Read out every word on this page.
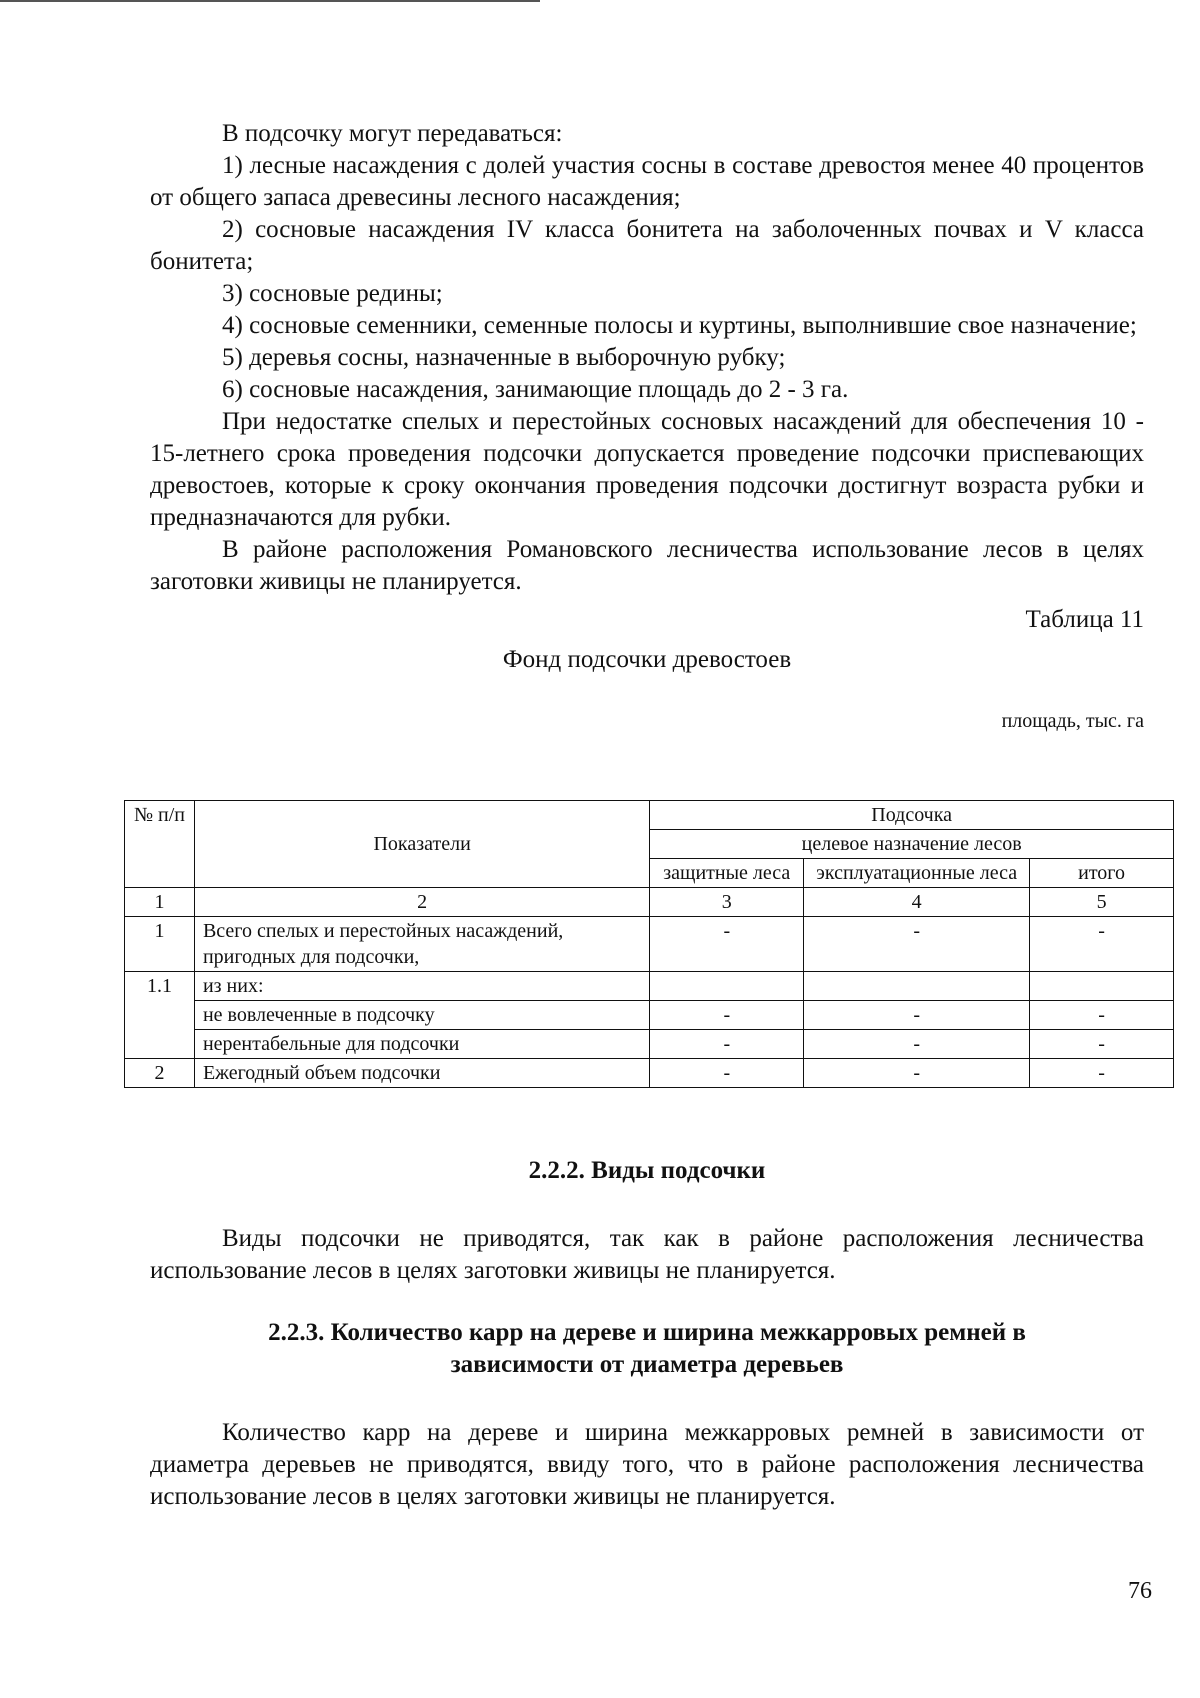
В подсочку могут передаваться:

1) лесные насаждения с долей участия сосны в составе древостоя менее 40 процентов от общего запаса древесины лесного насаждения;

2) сосновые насаждения IV класса бонитета на заболоченных почвах и V класса бонитета;

3) сосновые редины;

4) сосновые семенники, семенные полосы и куртины, выполнившие свое назначение;

5) деревья сосны, назначенные в выборочную рубку;

6) сосновые насаждения, занимающие площадь до 2 - 3 га.

При недостатке спелых и перестойных сосновых насаждений для обеспечения 10 - 15-летнего срока проведения подсочки допускается проведение подсочки приспевающих древостоев, которые к сроку окончания проведения подсочки достигнут возраста рубки и предназначаются для рубки.

В районе расположения Романовского лесничества использование лесов в целях заготовки живицы не планируется.

Таблица 11

Фонд подсочки древостоев

площадь, тыс. га

№ п/п	Показатели	Подсочка		
		целевое назначение лесов		
		защитные леса	эксплуатационные леса	итого
1	2	3	4	5
1	Всего спелых и перестойных насаждений, пригодных для подсочки,	-	-	-
1.1	из них:			
	не вовлеченные в подсочку	-	-	-
	нерентабельные для подсочки	-	-	-
2	Ежегодный объем подсочки	-	-	-

2.2.2. Виды подсочки

Виды подсочки не приводятся, так как в районе расположения лесничества использование лесов в целях заготовки живицы не планируется.

2.2.3. Количество карр на дереве и ширина межкарровых ремней в

зависимости от диаметра деревьев

Количество карр на дереве и ширина межкарровых ремней в зависимости от диаметра деревьев не приводятся, ввиду того, что в районе расположения лесничества использование лесов в целях заготовки живицы не планируется.

76
